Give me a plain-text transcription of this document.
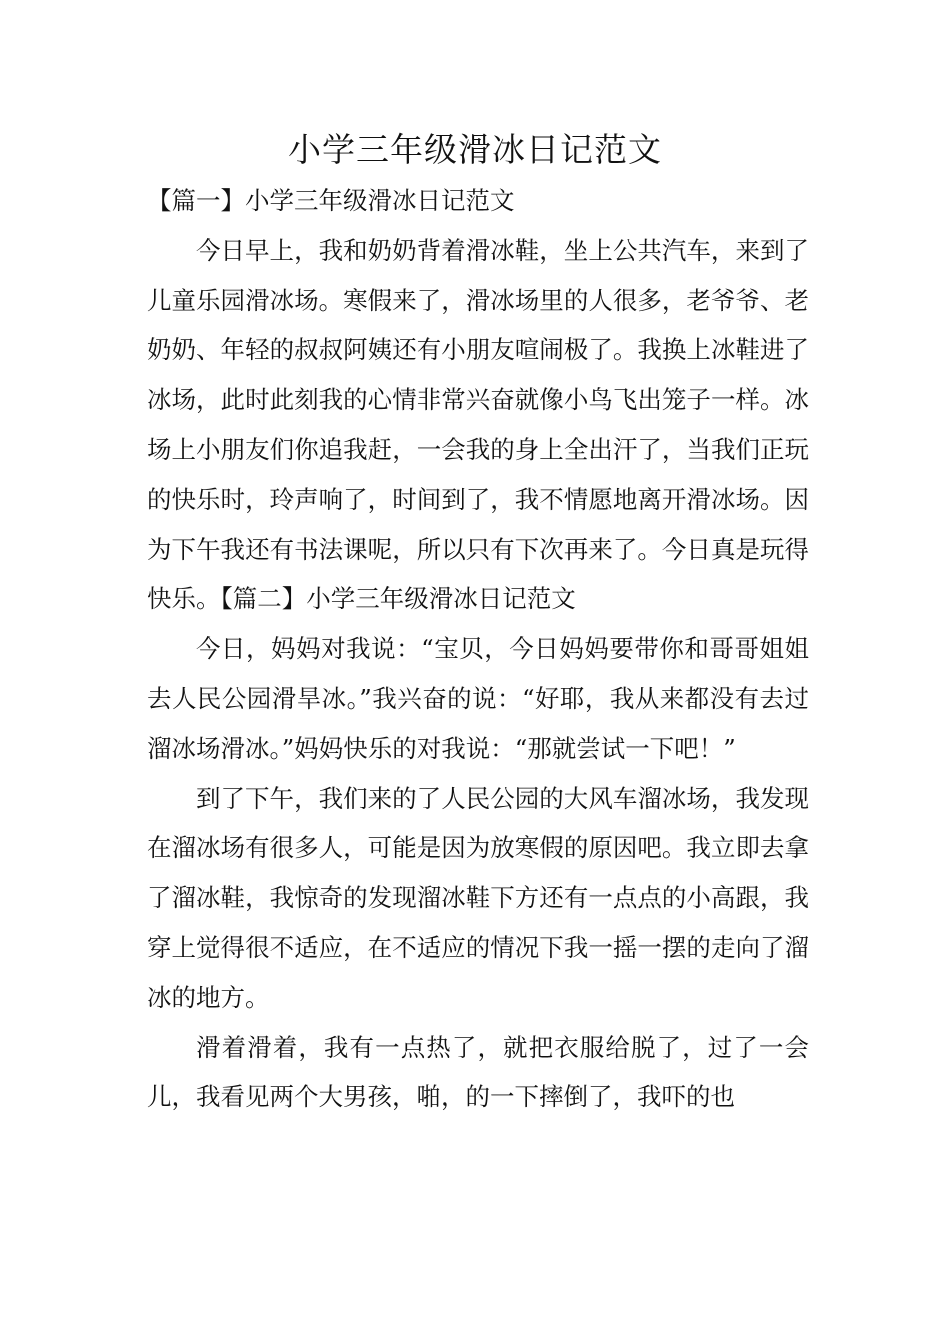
小学三年级滑冰日记范文

【篇一】小学三年级滑冰日记范文

今日早上，我和奶奶背着滑冰鞋，坐上公共汽车，来到了儿童乐园滑冰场。寒假来了，滑冰场里的人很多，老爷爷、老奶奶、年轻的叔叔阿姨还有小朋友喧闹极了。我换上冰鞋进了冰场，此时此刻我的心情非常兴奋就像小鸟飞出笼子一样。冰场上小朋友们你追我赶，一会我的身上全出汗了，当我们正玩的快乐时，玲声响了，时间到了，我不情愿地离开滑冰场。因为下午我还有书法课呢，所以只有下次再来了。今日真是玩得快乐。【篇二】小学三年级滑冰日记范文

今日，妈妈对我说：“宝贝，今日妈妈要带你和哥哥姐姐去人民公园滑旱冰。”我兴奋的说：“好耶，我从来都没有去过溜冰场滑冰。”妈妈快乐的对我说：“那就尝试一下吧！”

到了下午，我们来的了人民公园的大风车溜冰场，我发现在溜冰场有很多人，可能是因为放寒假的原因吧。我立即去拿了溜冰鞋，我惊奇的发现溜冰鞋下方还有一点点的小高跟，我穿上觉得很不适应，在不适应的情况下我一摇一摆的走向了溜冰的地方。

滑着滑着，我有一点热了，就把衣服给脱了，过了一会儿，我看见两个大男孩，啪，的一下摔倒了，我吓的也
